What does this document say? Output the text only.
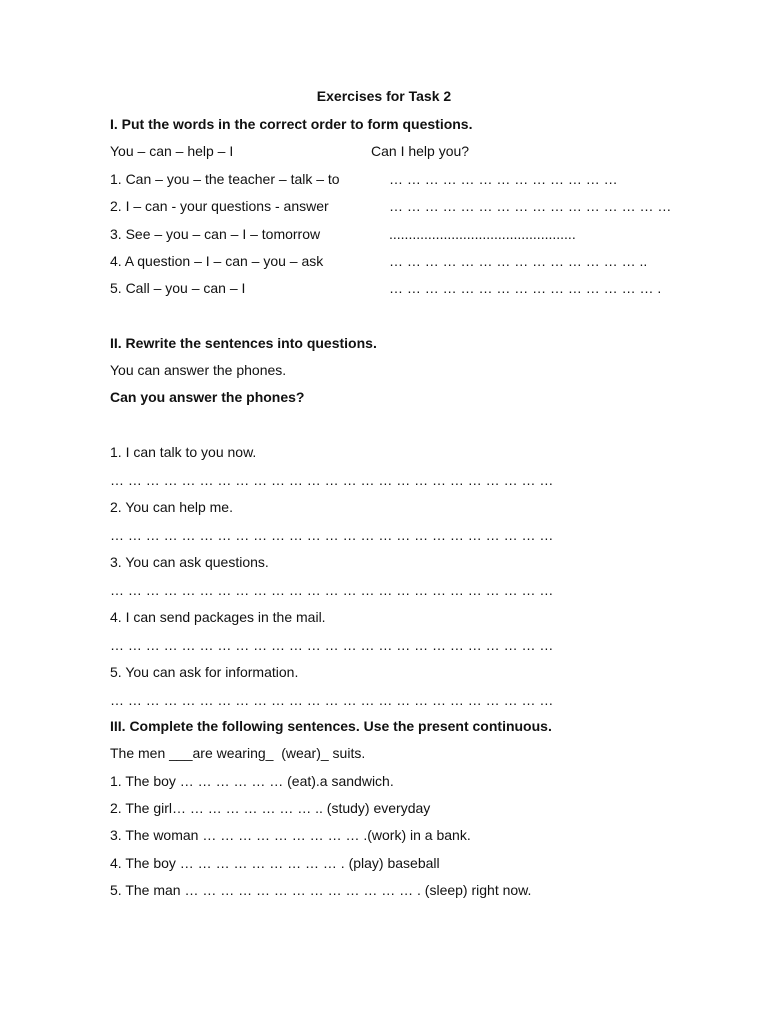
Exercises for Task 2
I. Put the words in the correct order to form questions.
You – can – help – I	Can I help you?
1. Can – you – the teacher – talk – to	… … … … … … … … … … … … …
2. I – can - your questions - answer	… … … … … … … … … … … … … … … …
3. See – you – can – I – tomorrow	................................................
4. A question – I – can – you – ask	… … … … … … … … … … … … … … ..
5. Call – you – can – I	… … … … … … … … … … … … … … … .
II. Rewrite the sentences into questions.
You can answer the phones.
Can you answer the phones?
1. I can talk to you now.
… … … … … … … … … … … … … … … … … … … … … … … … …
2. You can help me.
… … … … … … … … … … … … … … … … … … … … … … … … …
3. You can ask questions.
… … … … … … … … … … … … … … … … … … … … … … … … …
4. I can send packages in the mail.
… … … … … … … … … … … … … … … … … … … … … … … … …
5. You can ask for information.
… … … … … … … … … … … … … … … … … … … … … … … … …
III. Complete the following sentences. Use the present continuous.
The men ___are wearing_  (wear)_ suits.
1. The boy … … … … … … (eat).a sandwich.
2. The girl… … … … … … … … .. (study) everyday
3. The woman … … … … … … … … … .(work) in a bank.
4. The boy … … … … … … … … … . (play) baseball
5. The man … … … … … … … … … … … … … . (sleep) right now.
